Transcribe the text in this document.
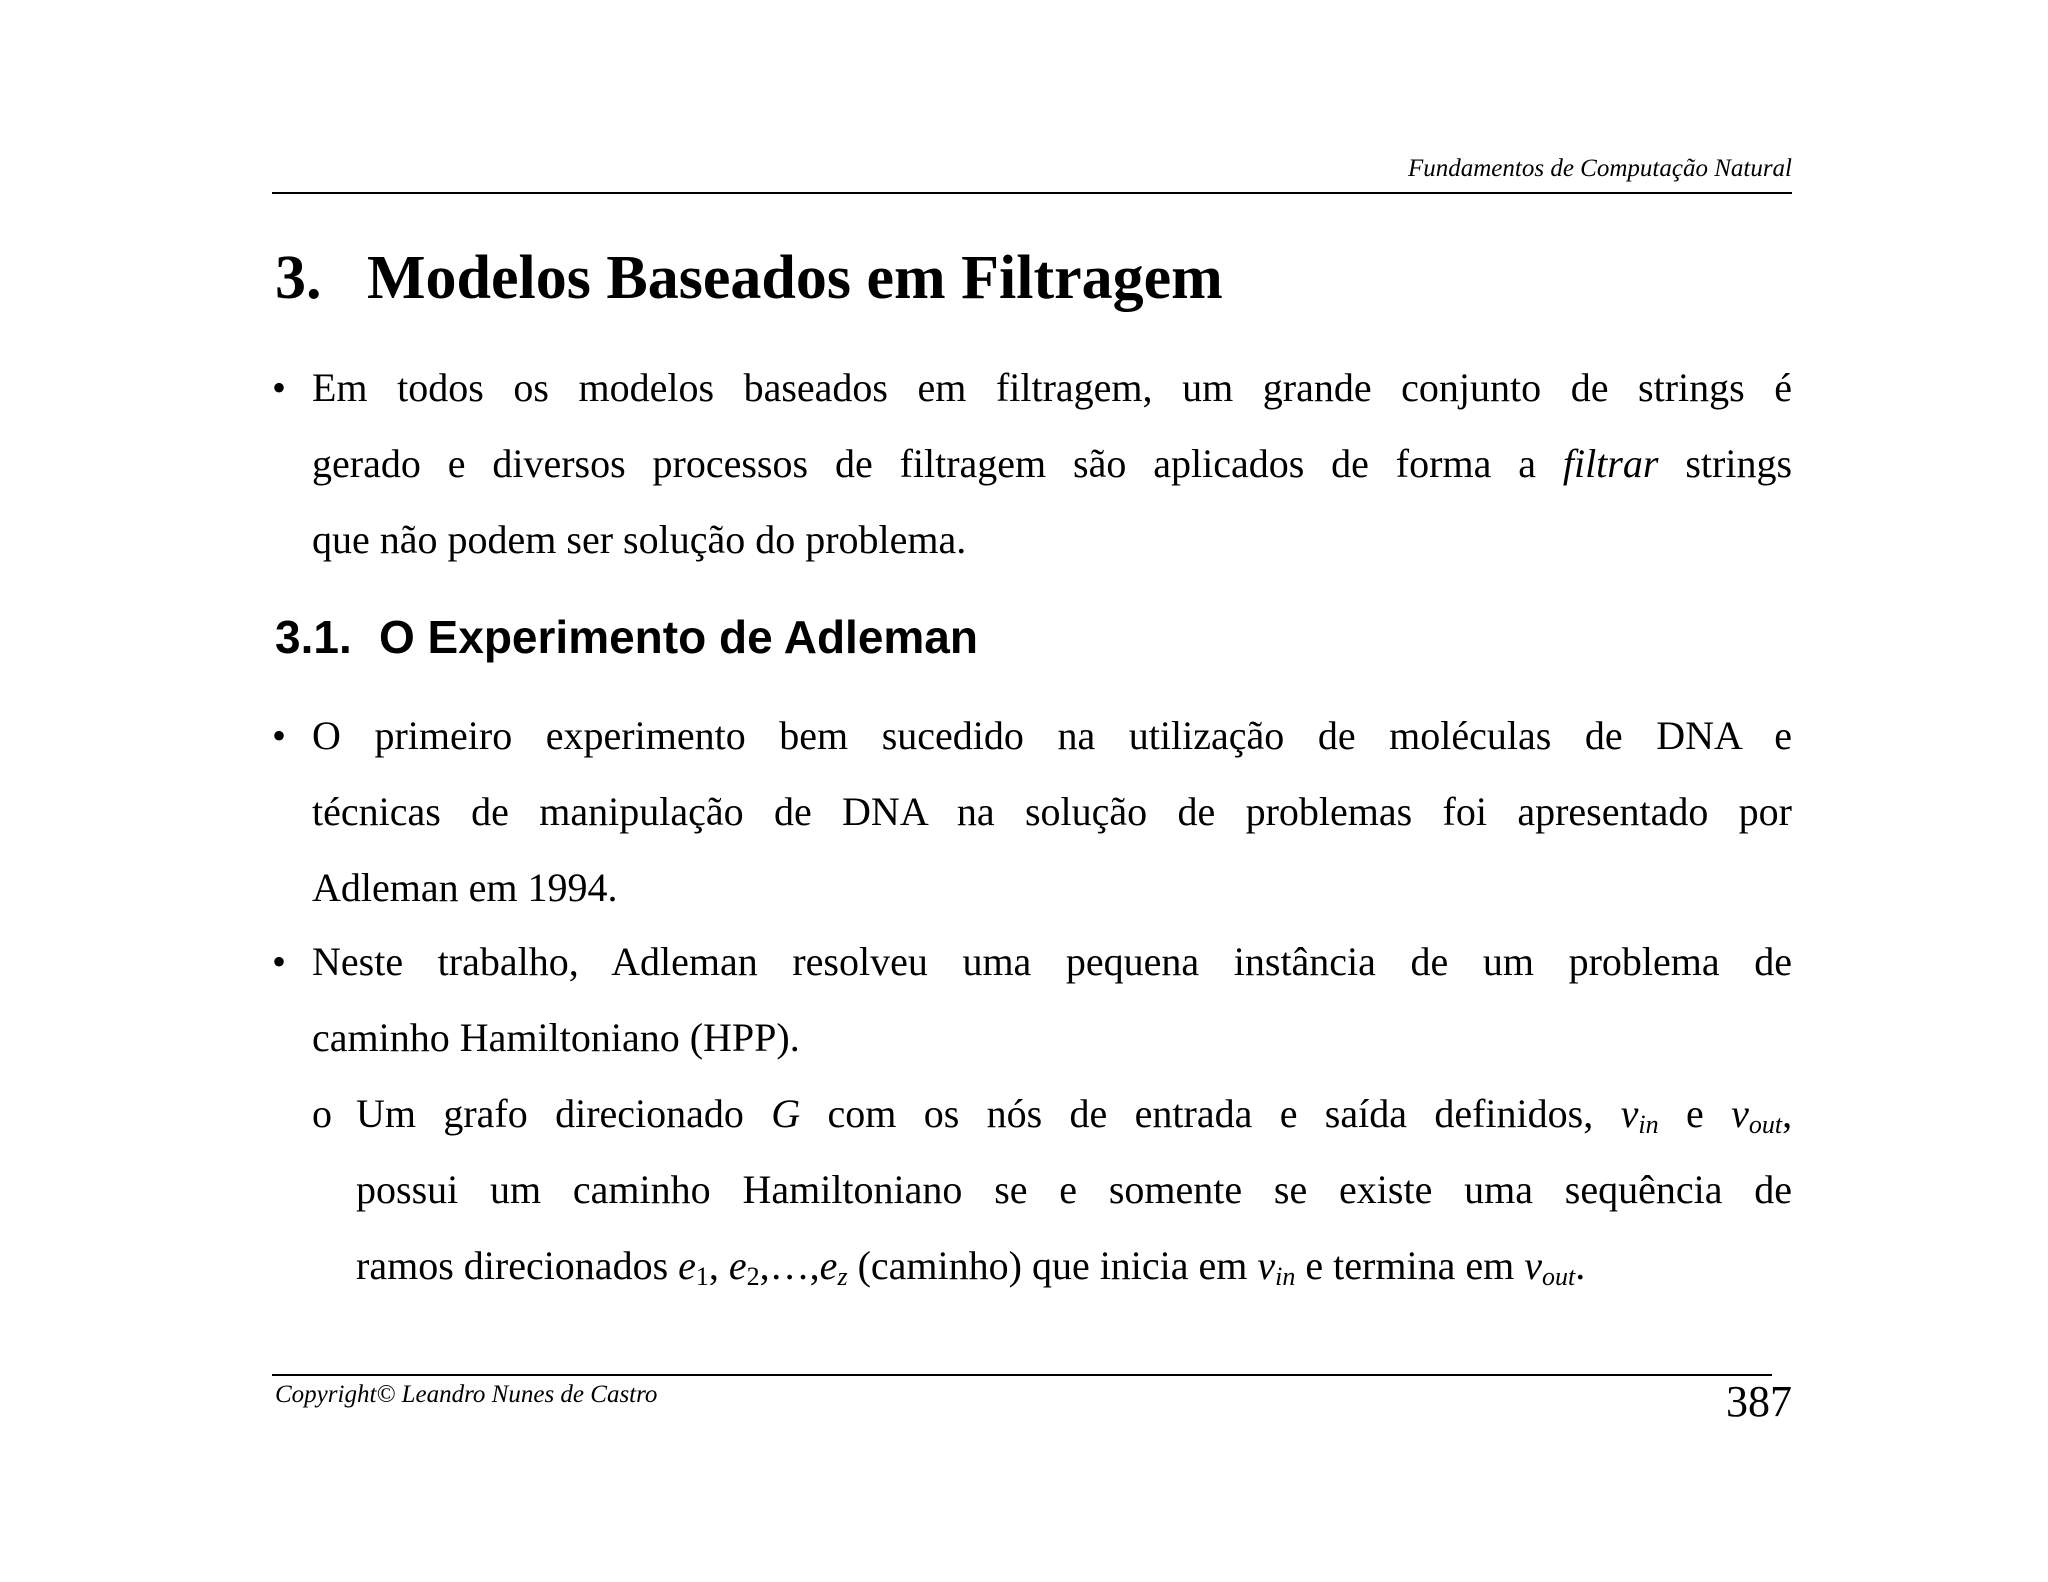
Fundamentos de Computação Natural
3. Modelos Baseados em Filtragem
• Em todos os modelos baseados em filtragem, um grande conjunto de strings é
gerado e diversos processos de filtragem são aplicados de forma a filtrar strings
que não podem ser solução do problema.
3.1. O Experimento de Adleman
• O primeiro experimento bem sucedido na utilização de moléculas de DNA e
técnicas de manipulação de DNA na solução de problemas foi apresentado por
Adleman em 1994.
• Neste trabalho, Adleman resolveu uma pequena instância de um problema de
caminho Hamiltoniano (HPP).
o Um grafo direcionado G com os nós de entrada e saída definidos, $v_{in}$ e $v_{out}$,
possui um caminho Hamiltoniano se e somente se existe uma sequência de
ramos direcionados $e_1$, $e_2,\dots,e_z$ (caminho) que inicia em $v_{in}$ e termina em $v_{out}$.
Copyright© Leandro Nunes de Castro	387
